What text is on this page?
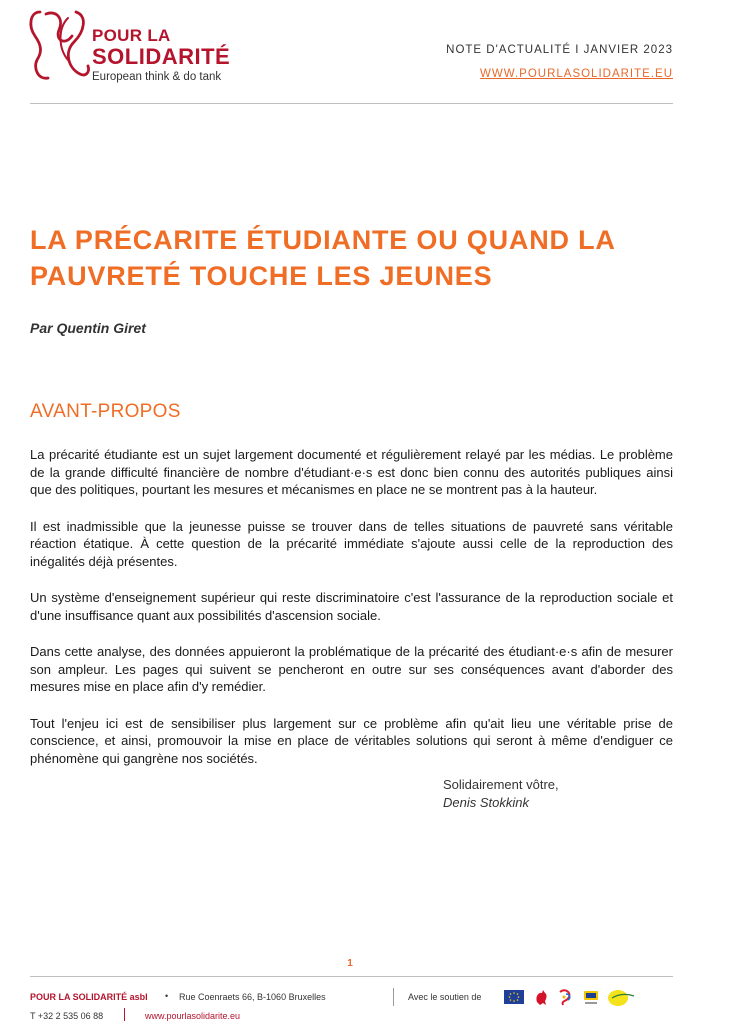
POUR LA
SOLIDARITÉ
European think & do tank
NOTE D'ACTUALITÉ I JANVIER 2023
WWW.POURLASOLIDARITE.EU
LA PRÉCARITE ÉTUDIANTE OU QUAND LA PAUVRETÉ TOUCHE LES JEUNES
Par Quentin Giret
AVANT-PROPOS

La précarité étudiante est un sujet largement documenté et régulièrement relayé par les médias. Le problème de la grande difficulté financière de nombre d'étudiant·e·s est donc bien connu des autorités publiques ainsi que des politiques, pourtant les mesures et mécanismes en place ne se montrent pas à la hauteur.

Il est inadmissible que la jeunesse puisse se trouver dans de telles situations de pauvreté sans véritable réaction étatique. À cette question de la précarité immédiate s'ajoute aussi celle de la reproduction des inégalités déjà présentes.

Un système d'enseignement supérieur qui reste discriminatoire c'est l'assurance de la reproduction sociale et d'une insuffisance quant aux possibilités d'ascension sociale.

Dans cette analyse, des données appuieront la problématique de la précarité des étudiant·e·s afin de mesurer son ampleur. Les pages qui suivent se pencheront en outre sur ses conséquences avant d'aborder des mesures mise en place afin d'y remédier.

Tout l'enjeu ici est de sensibiliser plus largement sur ce problème afin qu'ait lieu une véritable prise de conscience, et ainsi, promouvoir la mise en place de véritables solutions qui seront à même d'endiguer ce phénomène qui gangrène nos sociétés.

Solidairement vôtre,
Denis Stokkink
1
POUR LA SOLIDARITÉ asbl • Rue Coenraets 66, B-1060 Bruxelles
T +32 2 535 06 88	www.pourlasolidarite.eu
Avec le soutien de
